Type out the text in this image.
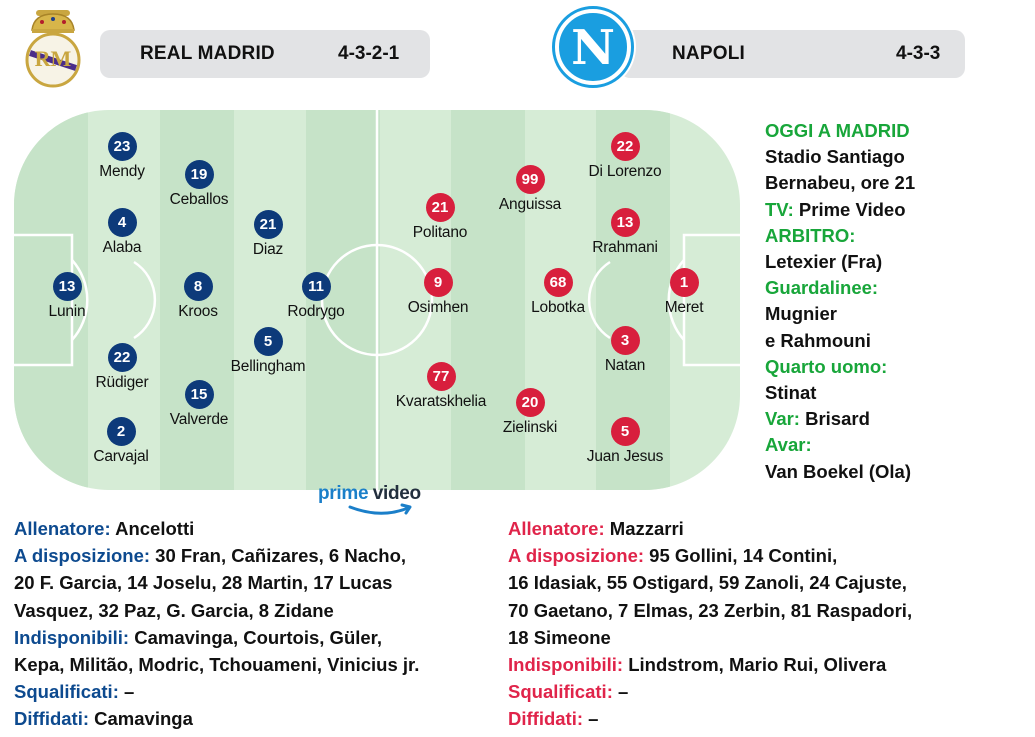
RM	REAL MADRID	4-3-2-1	N	NAPOLI	4-3-3
23
Mendy	19
Ceballos
4
Alaba
21
Diaz
13
Lunin
8
Kroos
11
Rodrygo
5
Bellingham
22
Rüdiger
15
Valverde
2
Carvajal
22
Di Lorenzo
99
Anguissa
21
Politano
13
Rrahmani
9
Osimhen
68
Lobotka
1
Meret
3
Natan
77
Kvaratskhelia	20
Zielinski	5
Juan Jesus
prime video
OGGI A MADRID
Stadio Santiago
Bernabeu, ore 21
TV: Prime Video
ARBITRO:
Letexier (Fra)
Guardalinee:
Mugnier
e Rahmouni
Quarto uomo:
Stinat
Var: Brisard
Avar:
Van Boekel (Ola)
Allenatore: Ancelotti
A disposizione: 30 Fran, Cañizares, 6 Nacho,
20 F. Garcia, 14 Joselu, 28 Martin, 17 Lucas
Vasquez, 32 Paz, G. Garcia, 8 Zidane
Indisponibili: Camavinga, Courtois, Güler,
Kepa, Militão, Modric, Tchouameni, Vinicius jr.
Squalificati: –
Diffidati: Camavinga
Allenatore: Mazzarri
A disposizione: 95 Gollini, 14 Contini,
16 Idasiak, 55 Ostigard, 59 Zanoli, 24 Cajuste,
70 Gaetano, 7 Elmas, 23 Zerbin, 81 Raspadori,
18 Simeone
Indisponibili: Lindstrom, Mario Rui, Olivera
Squalificati: –
Diffidati: –
